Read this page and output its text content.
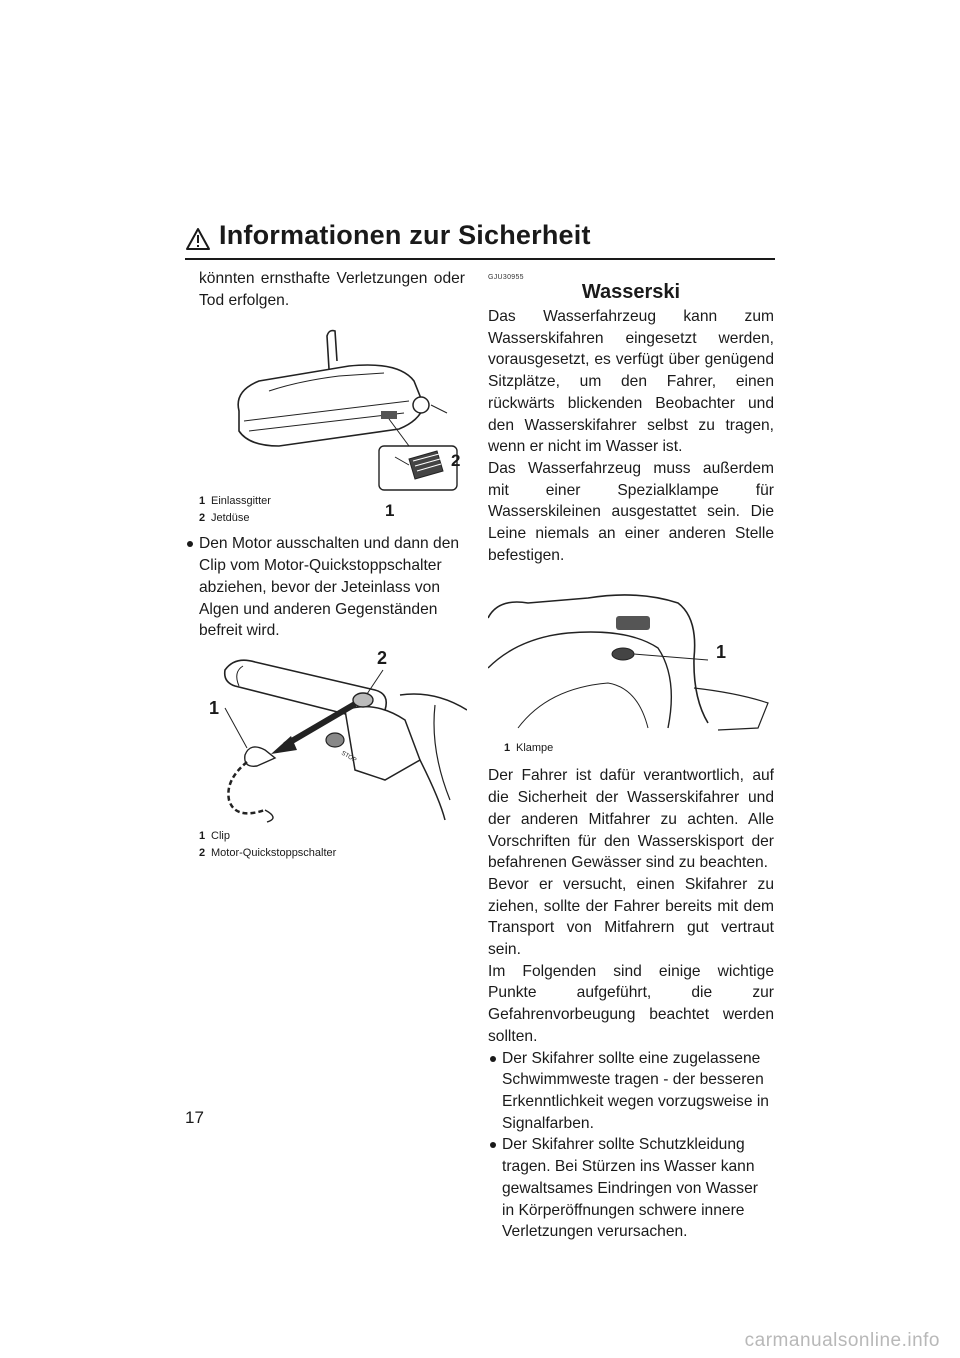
Informationen zur Sicherheit

könnten ernsthafte Verletzungen oder Tod erfolgen.

1
2
1 Einlassgitter
2 Jetdüse
Den Motor ausschalten und dann den Clip vom Motor-Quickstoppschalter abziehen, bevor der Jeteinlass von Algen und anderen Gegenständen befreit wird.
STOP
1
2
1 Clip
2 Motor-Quickstoppschalter
GJU30955
Wasserski

Das Wasserfahrzeug kann zum Wasserskifahren eingesetzt werden, vorausgesetzt, es verfügt über genügend Sitzplätze, um den Fahrer, einen rückwärts blickenden Beobachter und den Wasserskifahrer selbst zu tragen, wenn er nicht im Wasser ist.

Das Wasserfahrzeug muss außerdem mit einer Spezialklampe für Wasserskileinen ausgestattet sein. Die Leine niemals an einer anderen Stelle befestigen.

1
1 Klampe

Der Fahrer ist dafür verantwortlich, auf die Sicherheit der Wasserskifahrer und der anderen Mitfahrer zu achten. Alle Vorschriften für den Wasserskisport der befahrenen Gewässer sind zu beachten.

Bevor er versucht, einen Skifahrer zu ziehen, sollte der Fahrer bereits mit dem Transport von Mitfahrern gut vertraut sein.

Im Folgenden sind einige wichtige Punkte aufgeführt, die zur Gefahrenvorbeugung beachtet werden sollten.

Der Skifahrer sollte eine zugelassene Schwimmweste tragen - der besseren Erkenntlichkeit wegen vorzugsweise in Signalfarben.
Der Skifahrer sollte Schutzkleidung tragen. Bei Stürzen ins Wasser kann gewaltsames Eindringen von Wasser in Körperöffnungen schwere innere Verletzungen verursachen.
17
carmanualsonline.info
